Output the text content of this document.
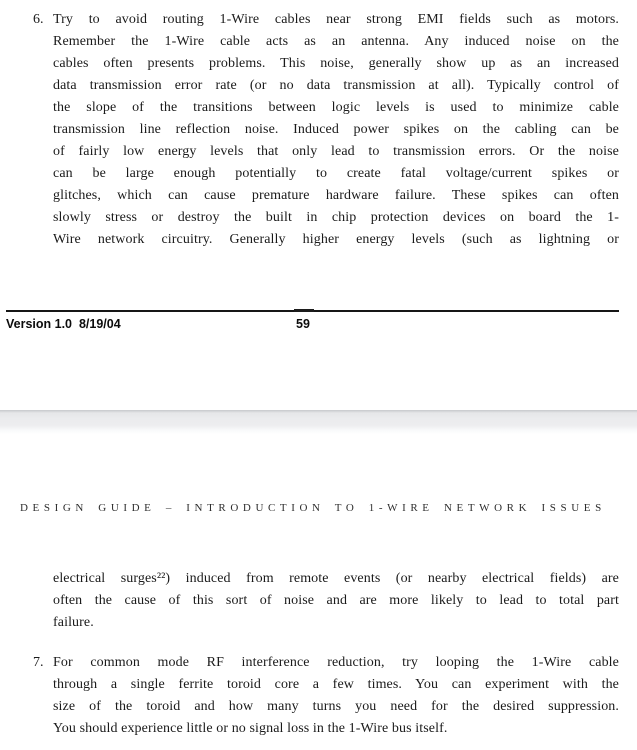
6. Try to avoid routing 1-Wire cables near strong EMI fields such as motors.
Remember the 1-Wire cable acts as an antenna. Any induced noise on the
cables often presents problems. This noise, generally show up as an increased
data transmission error rate (or no data transmission at all). Typically control of
the slope of the transitions between logic levels is used to minimize cable
transmission line reflection noise. Induced power spikes on the cabling can be
of fairly low energy levels that only lead to transmission errors. Or the noise
can be large enough potentially to create fatal voltage/current spikes or
glitches, which can cause premature hardware failure. These spikes can often
slowly stress or destroy the built in chip protection devices on board the 1-
Wire network circuitry. Generally higher energy levels (such as lightning or
Version 1.0  8/19/04	59
DESIGN GUIDE – INTRODUCTION TO 1-WIRE NETWORK ISSUES
electrical surges²²) induced from remote events (or nearby electrical fields) are
often the cause of this sort of noise and are more likely to lead to total part
failure.
7. For common mode RF interference reduction, try looping the 1-Wire cable
through a single ferrite toroid core a few times. You can experiment with the
size of the toroid and how many turns you need for the desired suppression.
You should experience little or no signal loss in the 1-Wire bus itself.
